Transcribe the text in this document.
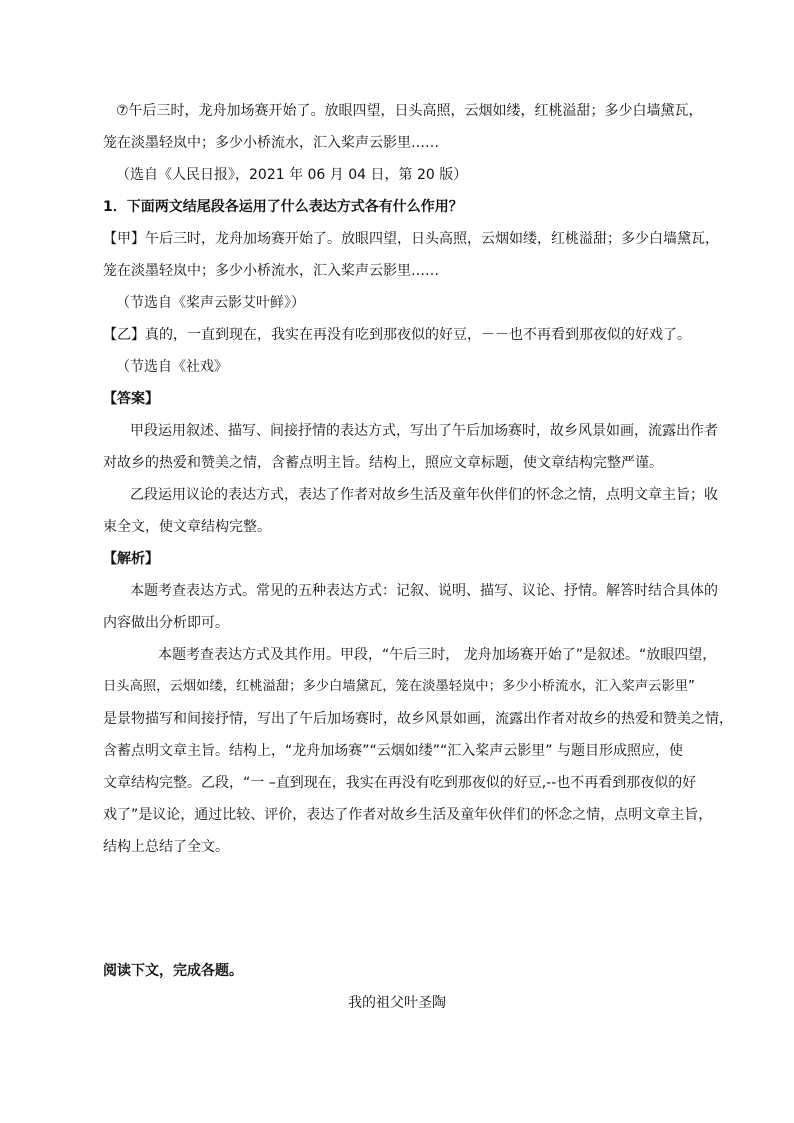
⑦午后三时，龙舟加场赛开始了。放眼四望，日头高照，云烟如缕，红桃溢甜；多少白墙黛瓦，
笼在淡墨轻岚中；多少小桥流水，汇入桨声云影里……
（选自《人民日报》，2021 年 06 月 04 日，第 20 版）
1．下面两文结尾段各运用了什么表达方式各有什么作用？
【甲】午后三时，龙舟加场赛开始了。放眼四望，日头高照，云烟如缕，红桃溢甜；多少白墙黛瓦，
笼在淡墨轻岚中；多少小桥流水，汇入桨声云影里……
（节选自《桨声云影艾叶鲜》）
【乙】真的，一直到现在，我实在再没有吃到那夜似的好豆，－－也不再看到那夜似的好戏了。
（节选自《社戏》
【答案】
甲段运用叙述、描写、间接抒情的表达方式，写出了午后加场赛时，故乡风景如画，流露出作者
对故乡的热爱和赞美之情，含蓄点明主旨。结构上，照应文章标题，使文章结构完整严谨。
乙段运用议论的表达方式，表达了作者对故乡生活及童年伙伴们的怀念之情，点明文章主旨；收
束全文，使文章结构完整。
【解析】
本题考查表达方式。常见的五种表达方式：记叙、说明、描写、议论、抒情。解答时结合具体的
内容做出分析即可。
本题考查表达方式及其作用。甲段，“午后三时， 龙舟加场赛开始了”是叙述。“放眼四望，
日头高照，云烟如缕，红桃溢甜；多少白墙黛瓦，笼在淡墨轻岚中；多少小桥流水，汇入桨声云影里”
是景物描写和间接抒情，写出了午后加场赛时，故乡风景如画，流露出作者对故乡的热爱和赞美之情，
含蓄点明文章主旨。结构上，“龙舟加场赛”“云烟如缕”“汇入桨声云影里” 与题目形成照应，使
文章结构完整。乙段，“一 –直到现在，我实在再没有吃到那夜似的好豆,--也不再看到那夜似的好
戏了”是议论，通过比较、评价，表达了作者对故乡生活及童年伙伴们的怀念之情，点明文章主旨，
结构上总结了全文。
阅读下文，完成各题。
我的祖父叶圣陶
